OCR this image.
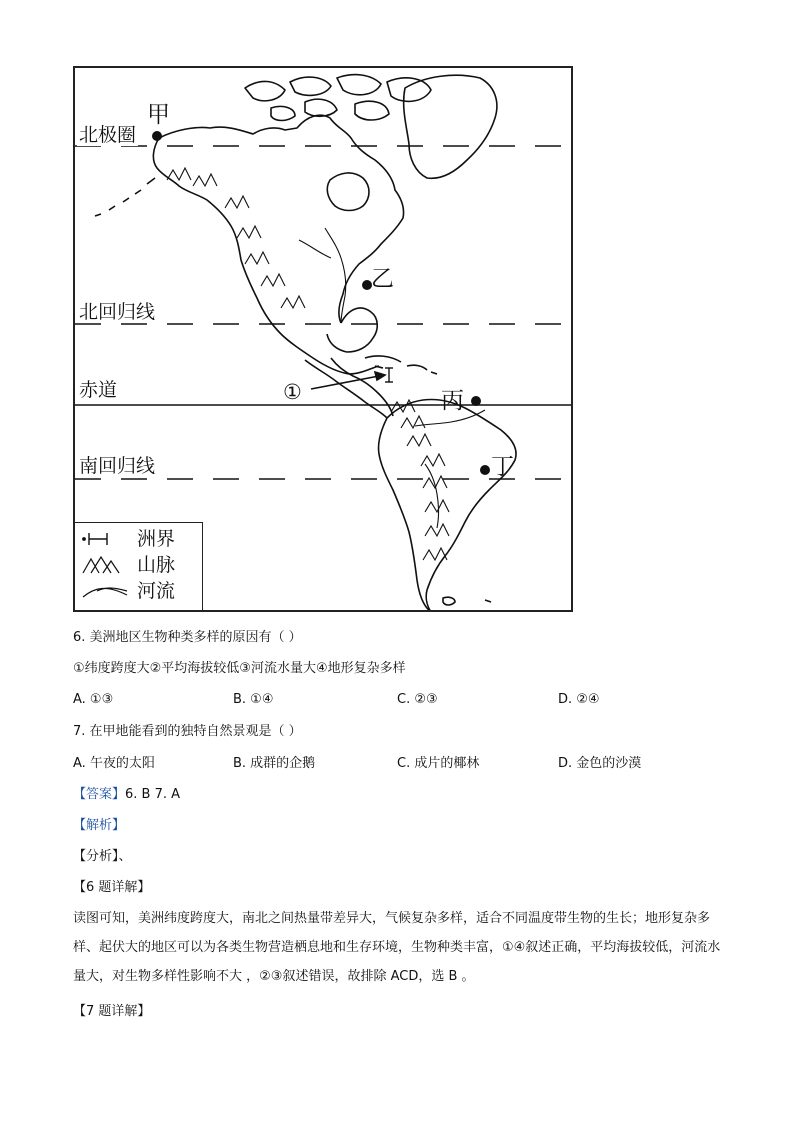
北极圈
北回归线
赤道
南回归线
甲
乙
丙
丁
①
洲界
山脉
河流
6. 美洲地区生物种类多样的原因有（ ）
①纬度跨度大②平均海拔较低③河流水量大④地形复杂多样
A. ①③	B. ①④	C. ②③	D. ②④
7. 在甲地能看到的独特自然景观是（ ）
A. 午夜的太阳	B. 成群的企鹅	C. 成片的椰林	D. 金色的沙漠
【答案】6. B 7. A
【解析】
【分析】、
【6 题详解】
读图可知，美洲纬度跨度大，南北之间热量带差异大，气候复杂多样，适合不同温度带生物的生长；地形复杂多样、起伏大的地区可以为各类生物营造栖息地和生存环境，生物种类丰富，①④叙述正确，平均海拔较低，河流水量大，对生物多样性影响不大 ，②③叙述错误，故排除 ACD，选 B 。
【7 题详解】
